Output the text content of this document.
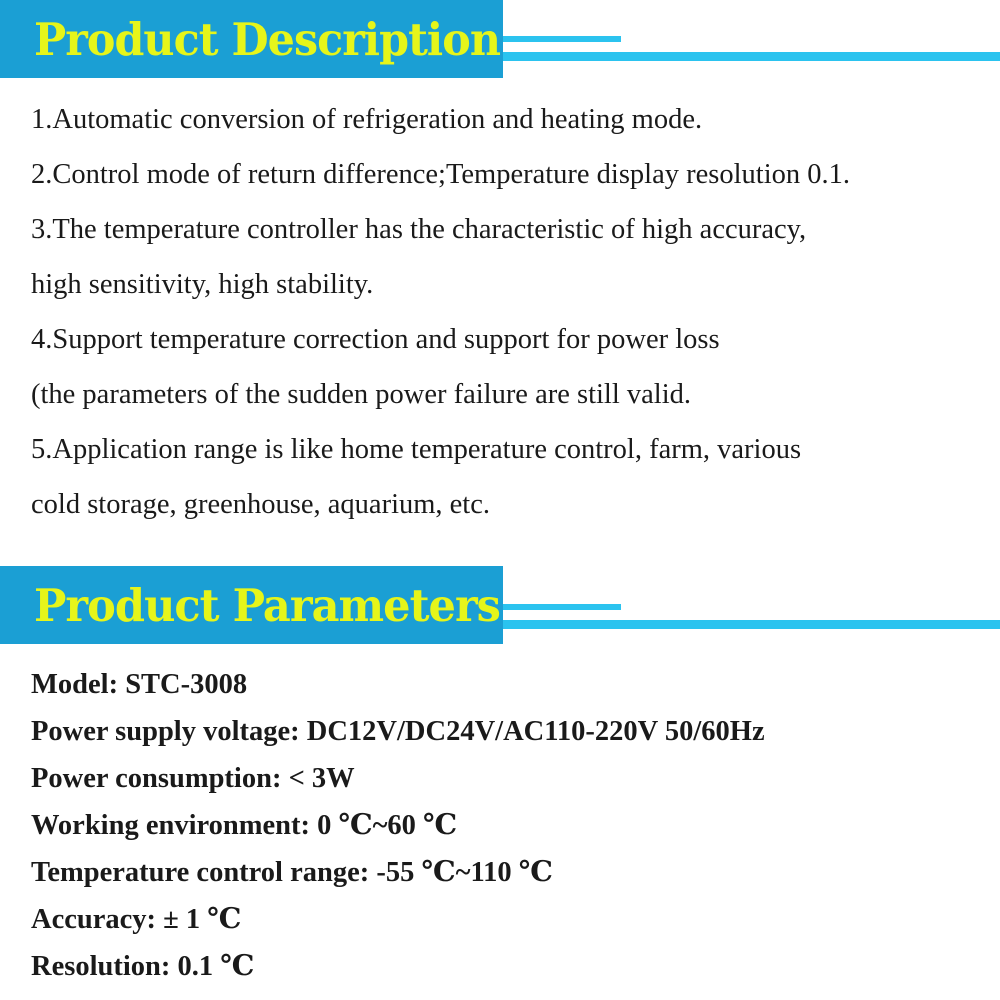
Product Description
1.Automatic conversion of refrigeration and heating mode.
2.Control mode of return difference;Temperature display resolution 0.1.
3.The temperature controller has the characteristic of high accuracy,
high sensitivity, high stability.
4.Support temperature correction and support for power loss
(the parameters of the sudden power failure are still valid.
5.Application range is like home temperature control, farm, various
cold storage, greenhouse, aquarium, etc.
Product Parameters
Model: STC-3008
Power supply voltage: DC12V/DC24V/AC110-220V 50/60Hz
Power consumption: < 3W
Working environment: 0 ℃~60 ℃
Temperature control range: -55 ℃~110 ℃
Accuracy: ± 1 ℃
Resolution: 0.1 ℃
